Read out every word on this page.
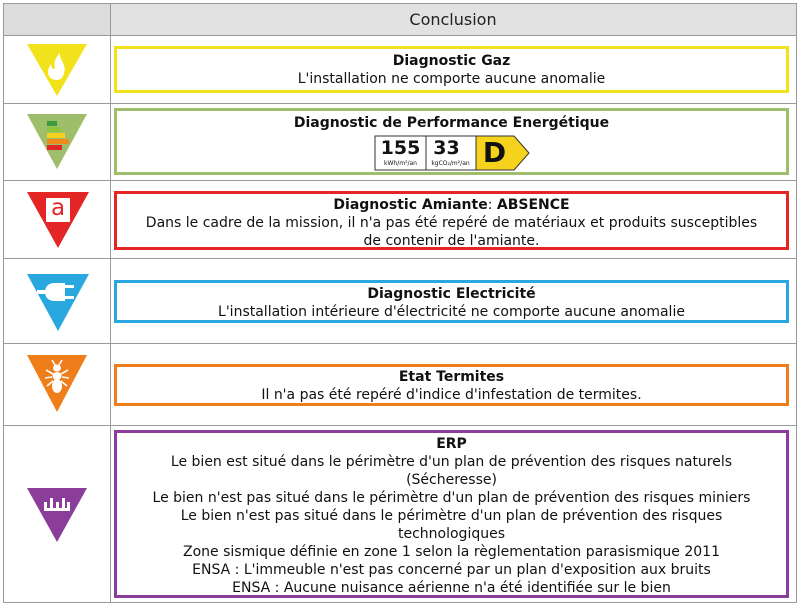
Conclusion
Diagnostic Gaz
L'installation ne comporte aucune anomalie
Diagnostic de Performance Energétique
155
kWh/m²/an
33
kgCO₂/m²/an D
a	Diagnostic Amiante: ABSENCE
Dans le cadre de la mission, il n'a pas été repéré de matériaux et produits susceptibles
de contenir de l'amiante.
Diagnostic Electricité
L'installation intérieure d'électricité ne comporte aucune anomalie
Etat Termites
Il n'a pas été repéré d'indice d'infestation de termites.
ERP
Le bien est situé dans le périmètre d'un plan de prévention des risques naturels
(Sécheresse)
Le bien n'est pas situé dans le périmètre d'un plan de prévention des risques miniers
Le bien n'est pas situé dans le périmètre d'un plan de prévention des risques
technologiques
Zone sismique définie en zone 1 selon la règlementation parasismique 2011
ENSA : L'immeuble n'est pas concerné par un plan d'exposition aux bruits
ENSA : Aucune nuisance aérienne n'a été identifiée sur le bien
